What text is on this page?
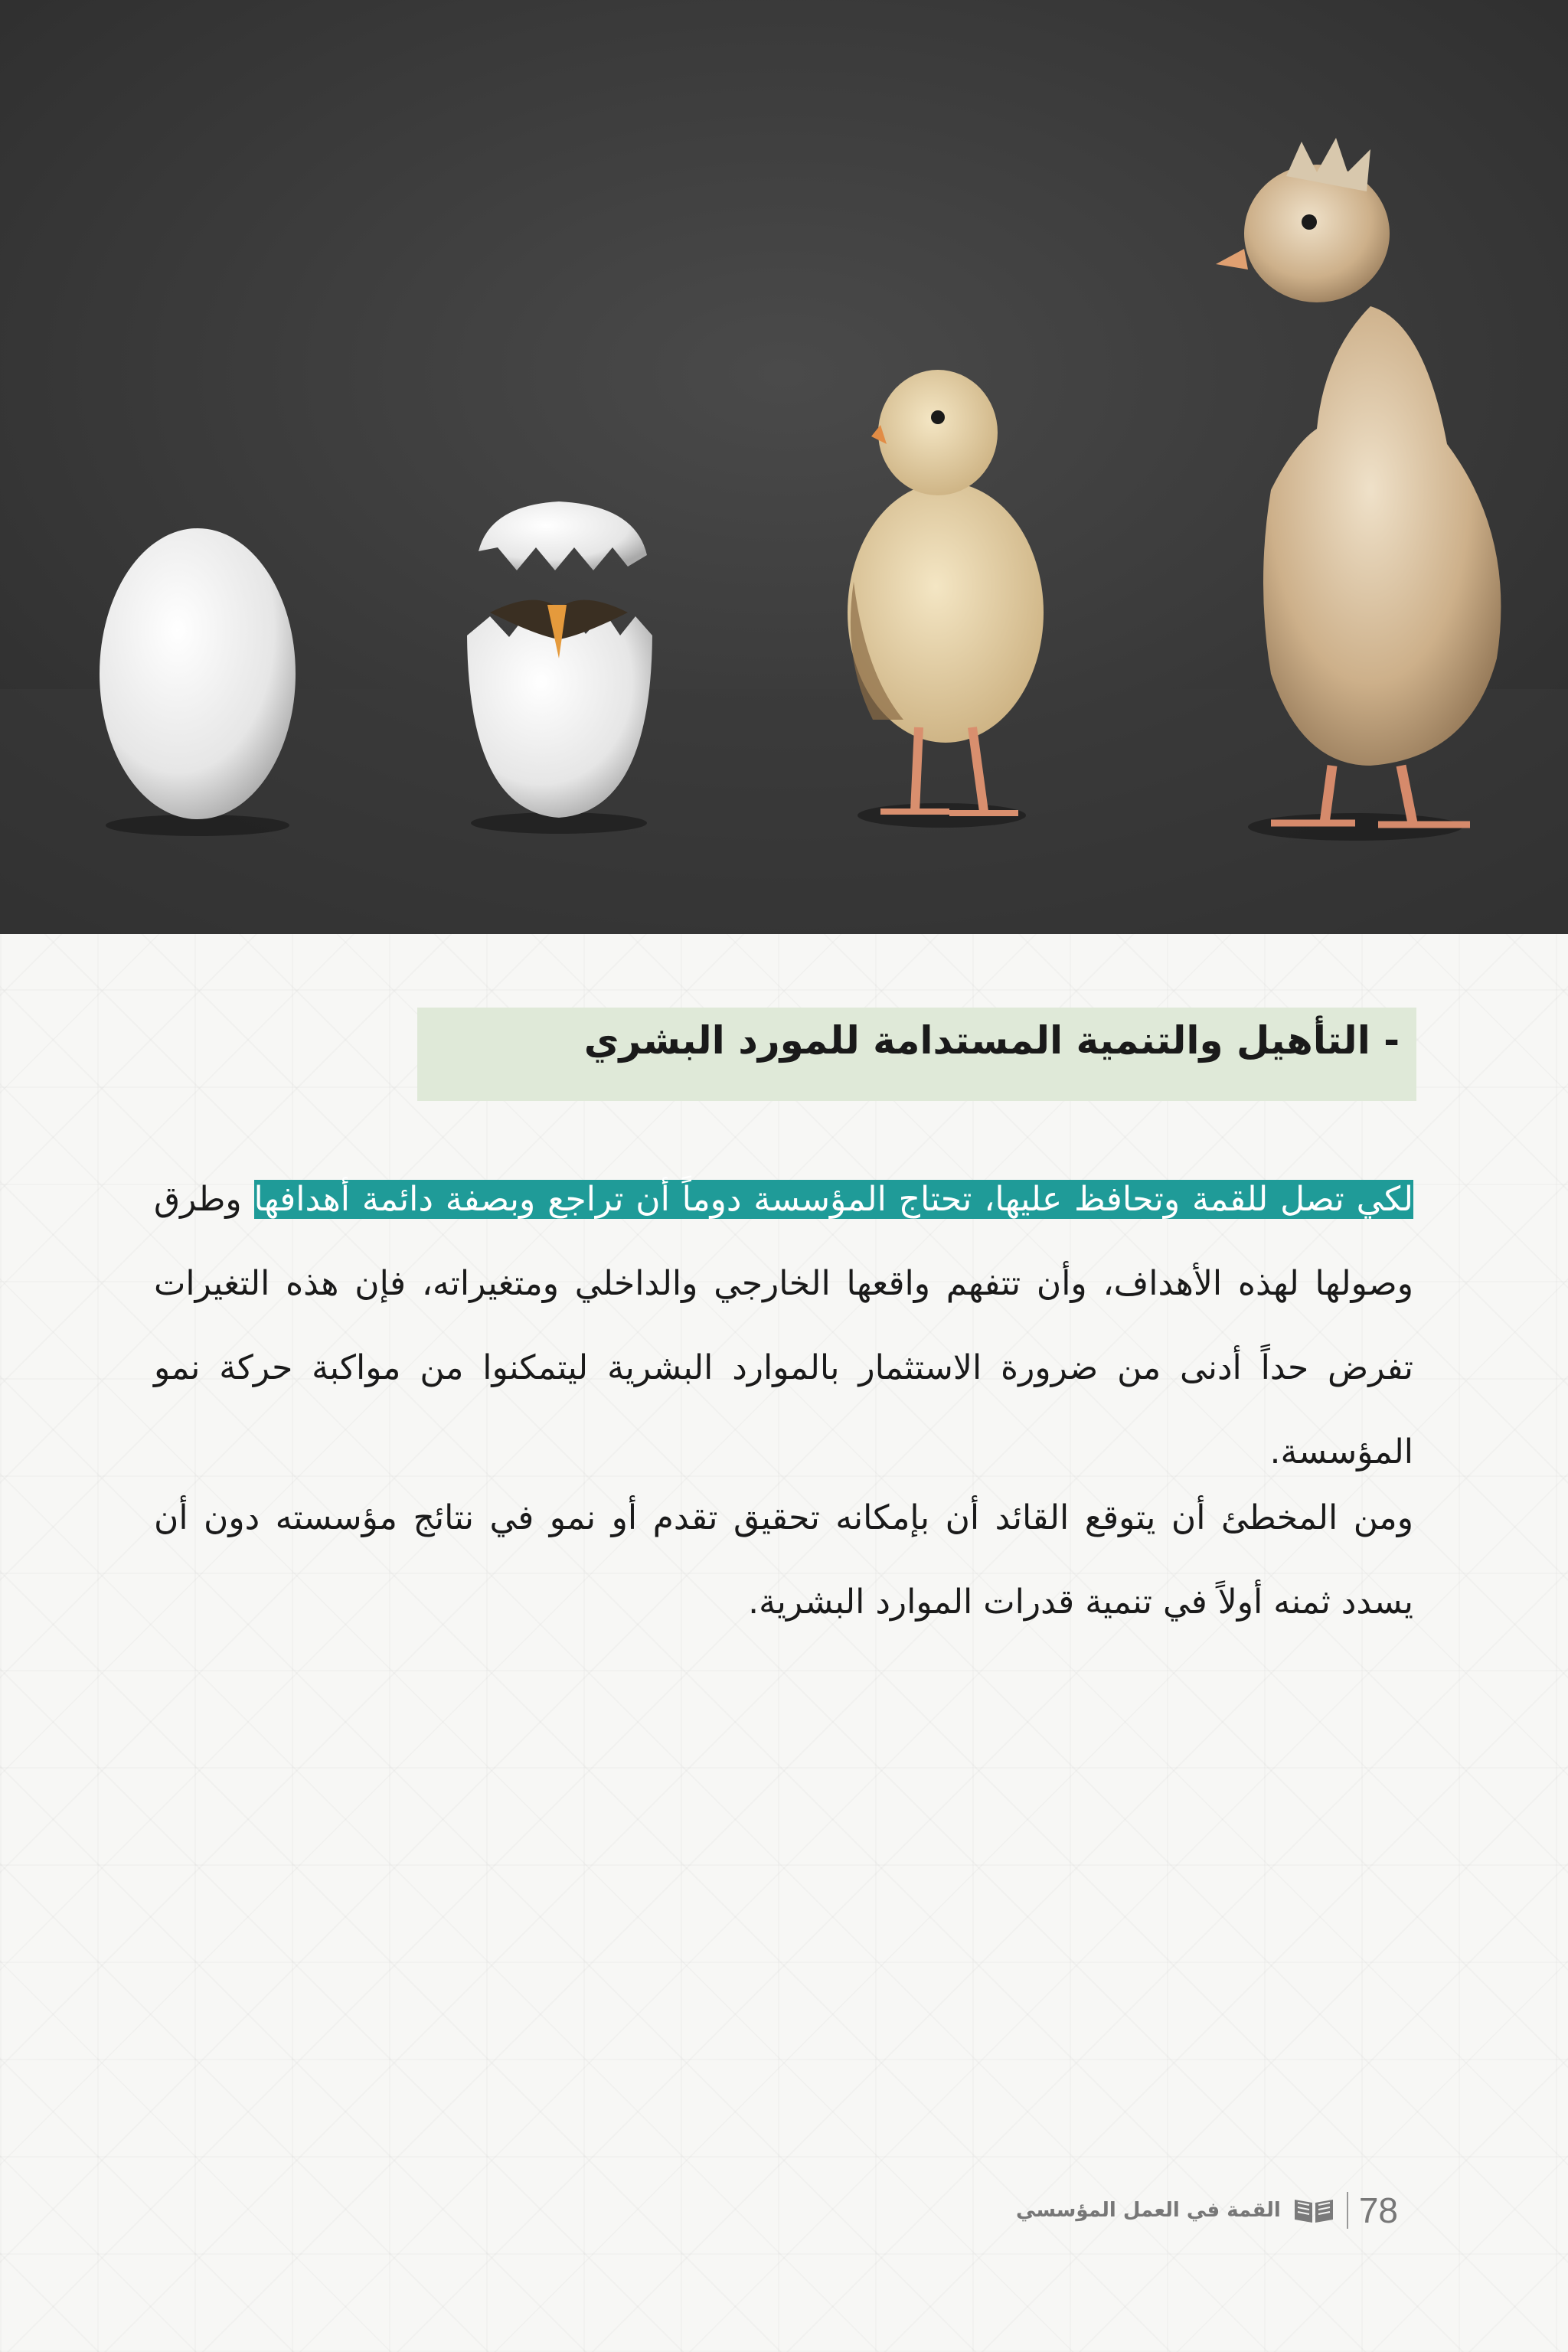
- التأهيل والتنمية المستدامة للمورد البشري
لكي تصل للقمة وتحافظ عليها، تحتاج المؤسسة دوماً أن تراجع وبصفة دائمة أهدافها وطرق وصولها لهذه الأهداف، وأن تتفهم واقعها الخارجي والداخلي ومتغيراته، فإن هذه التغيرات تفرض حداً أدنى من ضرورة الاستثمار بالموارد البشرية ليتمكنوا من مواكبة حركة نمو المؤسسة.
ومن المخطئ أن يتوقع القائد أن بإمكانه تحقيق تقدم أو نمو في نتائج مؤسسته دون أن يسدد ثمنه أولاً في تنمية قدرات الموارد البشرية.
78
القمة في العمل المؤسسي
